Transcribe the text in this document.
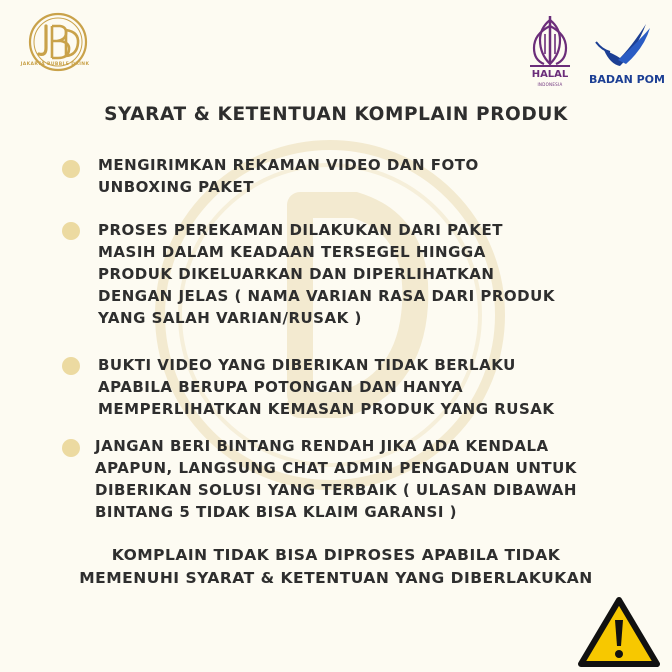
JAKARTA BUBBLE DRINK
HALAL
INDONESIA	BADAN POM
SYARAT & KETENTUAN KOMPLAIN PRODUK
MENGIRIMKAN REKAMAN VIDEO DAN FOTO
UNBOXING PAKET
PROSES PEREKAMAN DILAKUKAN DARI PAKET
MASIH DALAM KEADAAN TERSEGEL HINGGA
PRODUK DIKELUARKAN DAN DIPERLIHATKAN
DENGAN JELAS ( NAMA VARIAN RASA DARI PRODUK
YANG SALAH VARIAN/RUSAK )
BUKTI VIDEO YANG DIBERIKAN TIDAK BERLAKU
APABILA BERUPA POTONGAN DAN HANYA
MEMPERLIHATKAN KEMASAN PRODUK YANG RUSAK
JANGAN BERI BINTANG RENDAH JIKA ADA KENDALA
APAPUN, LANGSUNG CHAT ADMIN PENGADUAN UNTUK
DIBERIKAN SOLUSI YANG TERBAIK ( ULASAN DIBAWAH
BINTANG 5 TIDAK BISA KLAIM GARANSI )
KOMPLAIN TIDAK BISA DIPROSES APABILA TIDAK
MEMENUHI SYARAT & KETENTUAN YANG DIBERLAKUKAN
